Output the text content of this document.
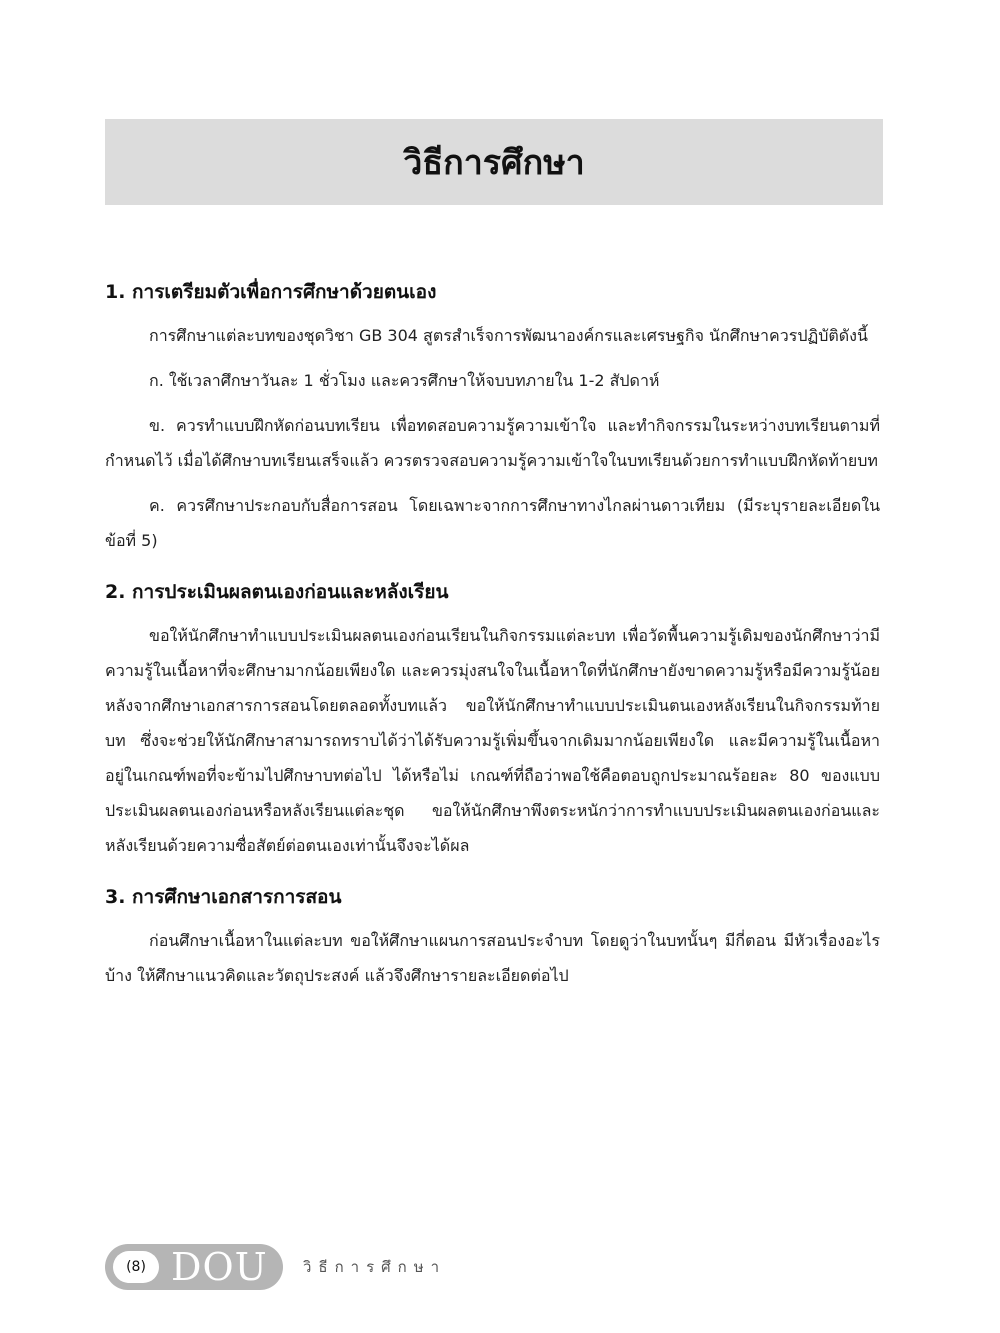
วิธีการศึกษา
1. การเตรียมตัวเพื่อการศึกษาด้วยตนเอง

การศึกษาแต่ละบทของชุดวิชา GB 304 สูตรสำเร็จการพัฒนาองค์กรและเศรษฐกิจ นักศึกษาควรปฏิบัติดังนี้

ก. ใช้เวลาศึกษาวันละ 1 ชั่วโมง และควรศึกษาให้จบบทภายใน 1-2 สัปดาห์

ข. ควรทำแบบฝึกหัดก่อนบทเรียน เพื่อทดสอบความรู้ความเข้าใจ และทำกิจกรรมในระหว่างบทเรียนตามที่กำหนดไว้ เมื่อได้ศึกษาบทเรียนเสร็จแล้ว ควรตรวจสอบความรู้ความเข้าใจในบทเรียนด้วยการทำแบบฝึกหัดท้ายบท

ค. ควรศึกษาประกอบกับสื่อการสอน โดยเฉพาะจากการศึกษาทางไกลผ่านดาวเทียม (มีระบุรายละเอียดในข้อที่ 5)

2. การประเมินผลตนเองก่อนและหลังเรียน

ขอให้นักศึกษาทำแบบประเมินผลตนเองก่อนเรียนในกิจกรรมแต่ละบท เพื่อวัดพื้นความรู้เดิมของนักศึกษาว่ามีความรู้ในเนื้อหาที่จะศึกษามากน้อยเพียงใด และควรมุ่งสนใจในเนื้อหาใดที่นักศึกษายังขาดความรู้หรือมีความรู้น้อย หลังจากศึกษาเอกสารการสอนโดยตลอดทั้งบทแล้ว ขอให้นักศึกษาทำแบบประเมินตนเองหลังเรียนในกิจกรรมท้ายบท ซึ่งจะช่วยให้นักศึกษาสามารถทราบได้ว่าได้รับความรู้เพิ่มขึ้นจากเดิมมากน้อยเพียงใด และมีความรู้ในเนื้อหาอยู่ในเกณฑ์พอที่จะข้ามไปศึกษาบทต่อไป ได้หรือไม่ เกณฑ์ที่ถือว่าพอใช้คือตอบถูกประมาณร้อยละ 80 ของแบบประเมินผลตนเองก่อนหรือหลังเรียนแต่ละชุด ขอให้นักศึกษาพึงตระหนักว่าการทำแบบประเมินผลตนเองก่อนและหลังเรียนด้วยความซื่อสัตย์ต่อตนเองเท่านั้นจึงจะได้ผล

3. การศึกษาเอกสารการสอน

ก่อนศึกษาเนื้อหาในแต่ละบท ขอให้ศึกษาแผนการสอนประจำบท โดยดูว่าในบทนั้นๆ มีกี่ตอน มีหัวเรื่องอะไรบ้าง ให้ศึกษาแนวคิดและวัตถุประสงค์ แล้วจึงศึกษารายละเอียดต่อไป

(8) DOU วิธีการศึกษา
